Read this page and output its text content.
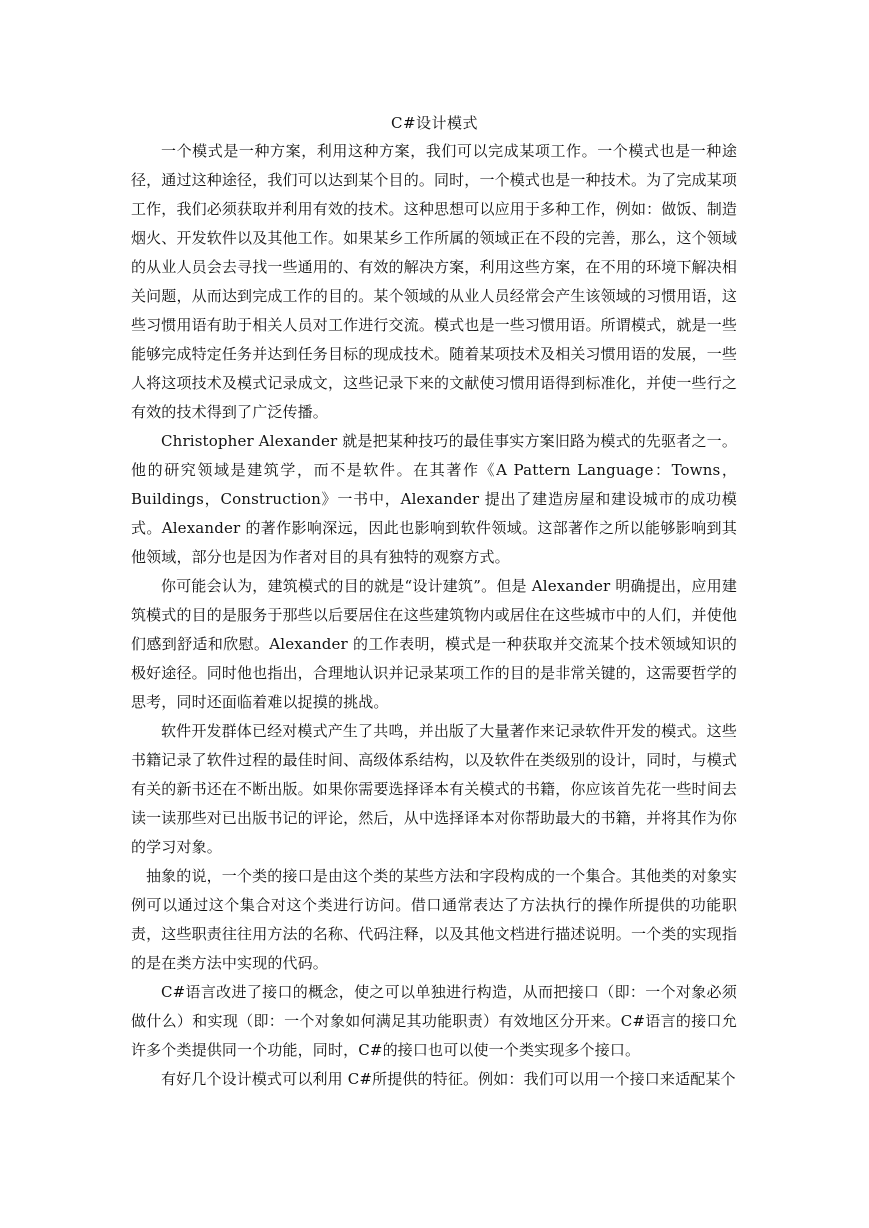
C#设计模式

一个模式是一种方案，利用这种方案，我们可以完成某项工作。一个模式也是一种途径，通过这种途径，我们可以达到某个目的。同时，一个模式也是一种技术。为了完成某项工作，我们必须获取并利用有效的技术。这种思想可以应用于多种工作，例如：做饭、制造烟火、开发软件以及其他工作。如果某乡工作所属的领域正在不段的完善，那么，这个领域的从业人员会去寻找一些通用的、有效的解决方案，利用这些方案，在不用的环境下解决相关问题，从而达到完成工作的目的。某个领域的从业人员经常会产生该领域的习惯用语，这些习惯用语有助于相关人员对工作进行交流。模式也是一些习惯用语。所谓模式，就是一些能够完成特定任务并达到任务目标的现成技术。随着某项技术及相关习惯用语的发展，一些人将这项技术及模式记录成文，这些记录下来的文献使习惯用语得到标准化，并使一些行之有效的技术得到了广泛传播。

Christopher Alexander 就是把某种技巧的最佳事实方案旧路为模式的先驱者之一。他的研究领域是建筑学，而不是软件。在其著作《A Pattern Language：Towns，Buildings，Construction》一书中，Alexander 提出了建造房屋和建设城市的成功模式。Alexander 的著作影响深远，因此也影响到软件领域。这部著作之所以能够影响到其他领域，部分也是因为作者对目的具有独特的观察方式。

你可能会认为，建筑模式的目的就是“设计建筑”。但是 Alexander 明确提出，应用建筑模式的目的是服务于那些以后要居住在这些建筑物内或居住在这些城市中的人们，并使他们感到舒适和欣慰。Alexander 的工作表明，模式是一种获取并交流某个技术领域知识的极好途径。同时他也指出，合理地认识并记录某项工作的目的是非常关键的，这需要哲学的思考，同时还面临着难以捉摸的挑战。

软件开发群体已经对模式产生了共鸣，并出版了大量著作来记录软件开发的模式。这些书籍记录了软件过程的最佳时间、高级体系结构，以及软件在类级别的设计，同时，与模式有关的新书还在不断出版。如果你需要选择译本有关模式的书籍，你应该首先花一些时间去读一读那些对已出版书记的评论，然后，从中选择译本对你帮助最大的书籍，并将其作为你的学习对象。

抽象的说，一个类的接口是由这个类的某些方法和字段构成的一个集合。其他类的对象实例可以通过这个集合对这个类进行访问。借口通常表达了方法执行的操作所提供的功能职责，这些职责往往用方法的名称、代码注释，以及其他文档进行描述说明。一个类的实现指的是在类方法中实现的代码。

C#语言改进了接口的概念，使之可以单独进行构造，从而把接口（即：一个对象必须做什么）和实现（即：一个对象如何满足其功能职责）有效地区分开来。C#语言的接口允许多个类提供同一个功能，同时，C#的接口也可以使一个类实现多个接口。

有好几个设计模式可以利用 C#所提供的特征。例如：我们可以用一个接口来适配某个
